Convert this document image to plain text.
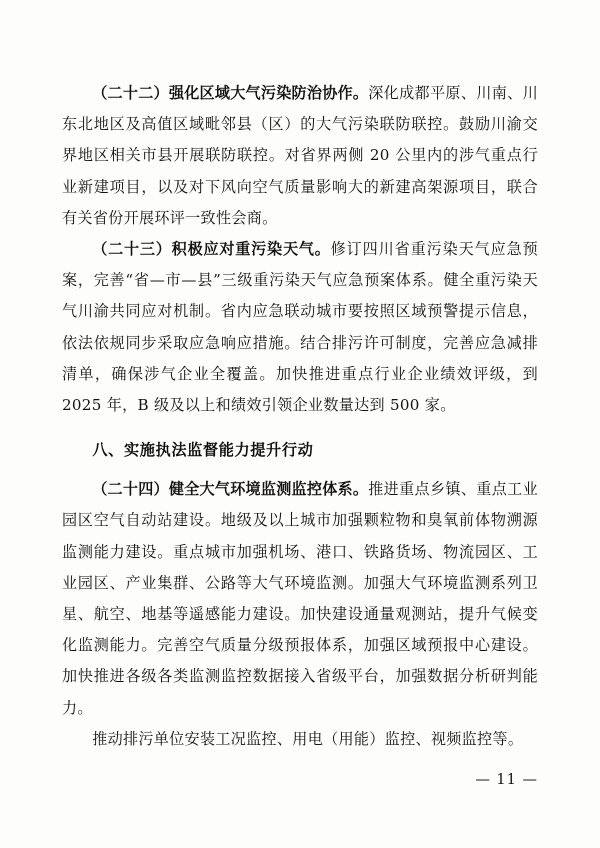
（二十二）强化区域大气污染防治协作。深化成都平原、川南、川东北地区及高值区域毗邻县（区）的大气污染联防联控。鼓励川渝交界地区相关市县开展联防联控。对省界两侧 20 公里内的涉气重点行业新建项目，以及对下风向空气质量影响大的新建高架源项目，联合有关省份开展环评一致性会商。

（二十三）积极应对重污染天气。修订四川省重污染天气应急预案，完善“省—市—县”三级重污染天气应急预案体系。健全重污染天气川渝共同应对机制。省内应急联动城市要按照区域预警提示信息，依法依规同步采取应急响应措施。结合排污许可制度，完善应急减排清单，确保涉气企业全覆盖。加快推进重点行业企业绩效评级，到 2025 年，B 级及以上和绩效引领企业数量达到 500 家。

八、实施执法监督能力提升行动

（二十四）健全大气环境监测监控体系。推进重点乡镇、重点工业园区空气自动站建设。地级及以上城市加强颗粒物和臭氧前体物溯源监测能力建设。重点城市加强机场、港口、铁路货场、物流园区、工业园区、产业集群、公路等大气环境监测。加强大气环境监测系列卫星、航空、地基等遥感能力建设。加快建设通量观测站，提升气候变化监测能力。完善空气质量分级预报体系，加强区域预报中心建设。加快推进各级各类监测监控数据接入省级平台，加强数据分析研判能力。

推动排污单位安装工况监控、用电（用能）监控、视频监控等。

— 11 —
